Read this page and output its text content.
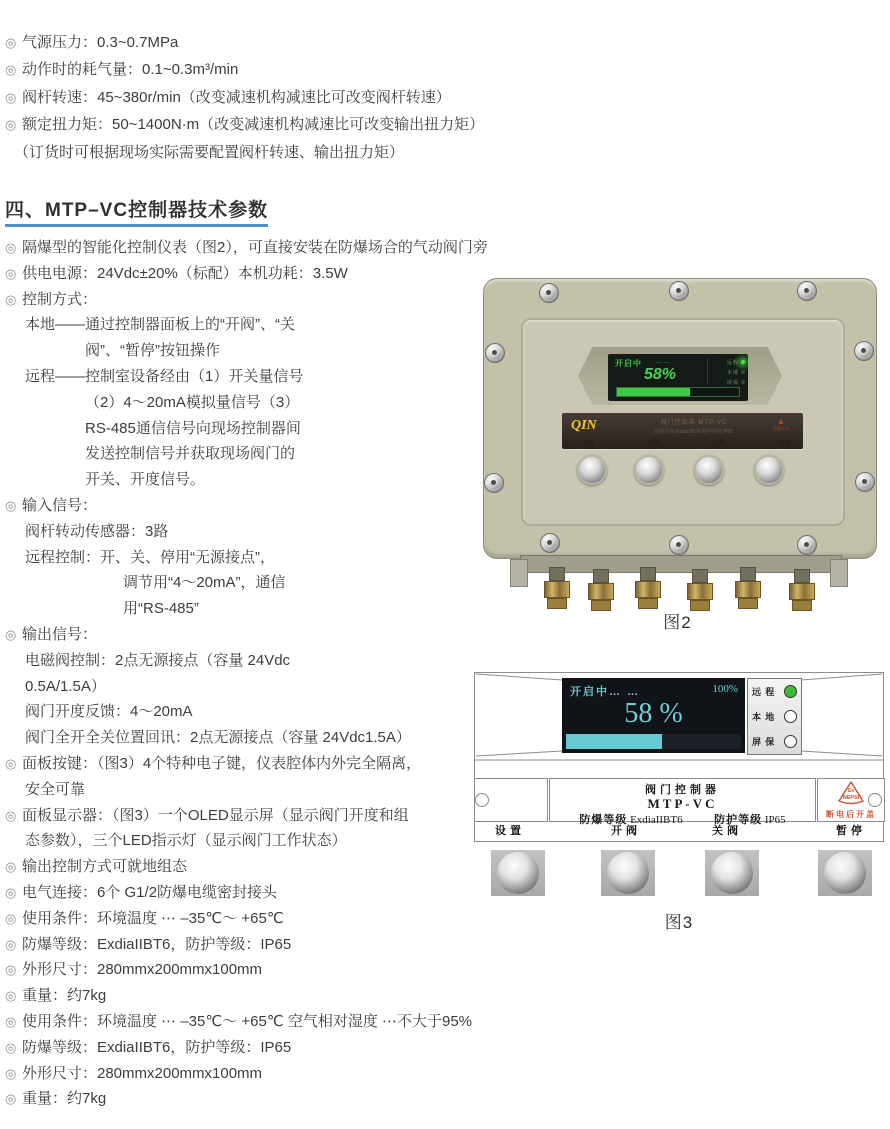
◎ 气源压力：0.3~0.7MPa
◎ 动作时的耗气量：0.1~0.3m³/min
◎ 阀杆转速：45~380r/min（改变减速机构减速比可改变阀杆转速）
◎ 额定扭力矩：50~1400N·m（改变减速机构减速比可改变输出扭力矩）
（订货时可根据现场实际需要配置阀杆转速、输出扭力矩）
四、MTP–VC控制器技术参数
◎ 隔爆型的智能化控制仪表（图2），可直接安装在防爆场合的气动阀门旁
◎ 供电电源：24Vdc±20%（标配）本机功耗：3.5W
◎ 控制方式：
本地——通过控制器面板上的“开阀”、“关
阀”、“暂停”按钮操作
远程——控制室设备经由（1）开关量信号
（2）4～20mA模拟量信号（3）
RS-485通信信号向现场控制器间
发送控制信号并获取现场阀门的
开关、开度信号。
◎ 输入信号：
阀杆转动传感器：3路
远程控制：开、关、停用“无源接点”，
调节用“4～20mA”，通信
用“RS-485”
◎ 输出信号：
电磁阀控制：2点无源接点（容量 24Vdc
0.5A/1.5A）
阀门开度反馈：4～20mA
阀门全开全关位置回讯：2点无源接点（容量 24Vdc1.5A）
◎ 面板按键：（图3）4个特种电子键，仪表腔体内外完全隔离，
安全可靠
◎ 面板显示器：（图3）一个OLED显示屏（显示阀门开度和组
态参数），三个LED指示灯（显示阀门工作状态）
◎ 输出控制方式可就地组态
◎ 电气连接：6个 G1/2防爆电缆密封接头
◎ 使用条件：环境温度 ⋯ –35℃～ +65℃
◎ 防爆等级：ExdiaIIBT6，防护等级：IP65
◎ 外形尺寸：280mmx200mmx100mm
◎ 重量：约7kg
◎ 使用条件：环境温度 ⋯ –35℃～ +65℃ 空气相对湿度 ⋯不大于95%
◎ 防爆等级：ExdiaIIBT6，防护等级：IP65
◎ 外形尺寸：280mmx200mmx100mm
◎ 重量：约7kg
开启中 — —
58%
远程
本地
屏保
QIN	阀门控制器 MTP-VC
防爆等级 ExdiaIIBT6 防护等级 IP65
▲
防爆合格
设置	开阀	关阀	暂停
图2
开启中… …	100%
58 %
远 程
本 地
屏 保
阀门控制器
MTP-VC
防爆等级 ExdiaIIBT6	防护等级 IP65
Ex
NEPSI
断电后开盖
设置	开阀	关阀	暂停
图3
